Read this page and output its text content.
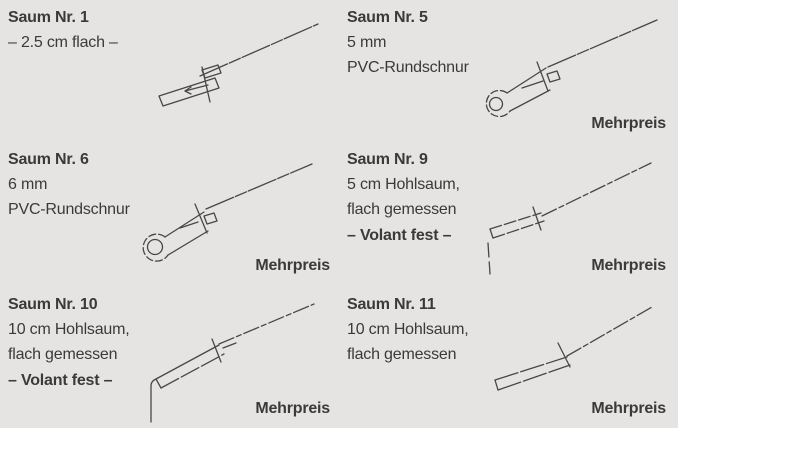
Saum Nr. 1

– 2.5 cm flach –

Saum Nr. 5

5 mm

PVC-Rundschnur

Mehrpreis
Saum Nr. 6

6 mm

PVC-Rundschnur

Mehrpreis
Saum Nr. 9

5 cm Hohlsaum,

flach gemessen

– Volant fest –

Mehrpreis
Saum Nr. 10

10 cm Hohlsaum,

flach gemessen

– Volant fest –

Mehrpreis
Saum Nr. 11

10 cm Hohlsaum,

flach gemessen

Mehrpreis
